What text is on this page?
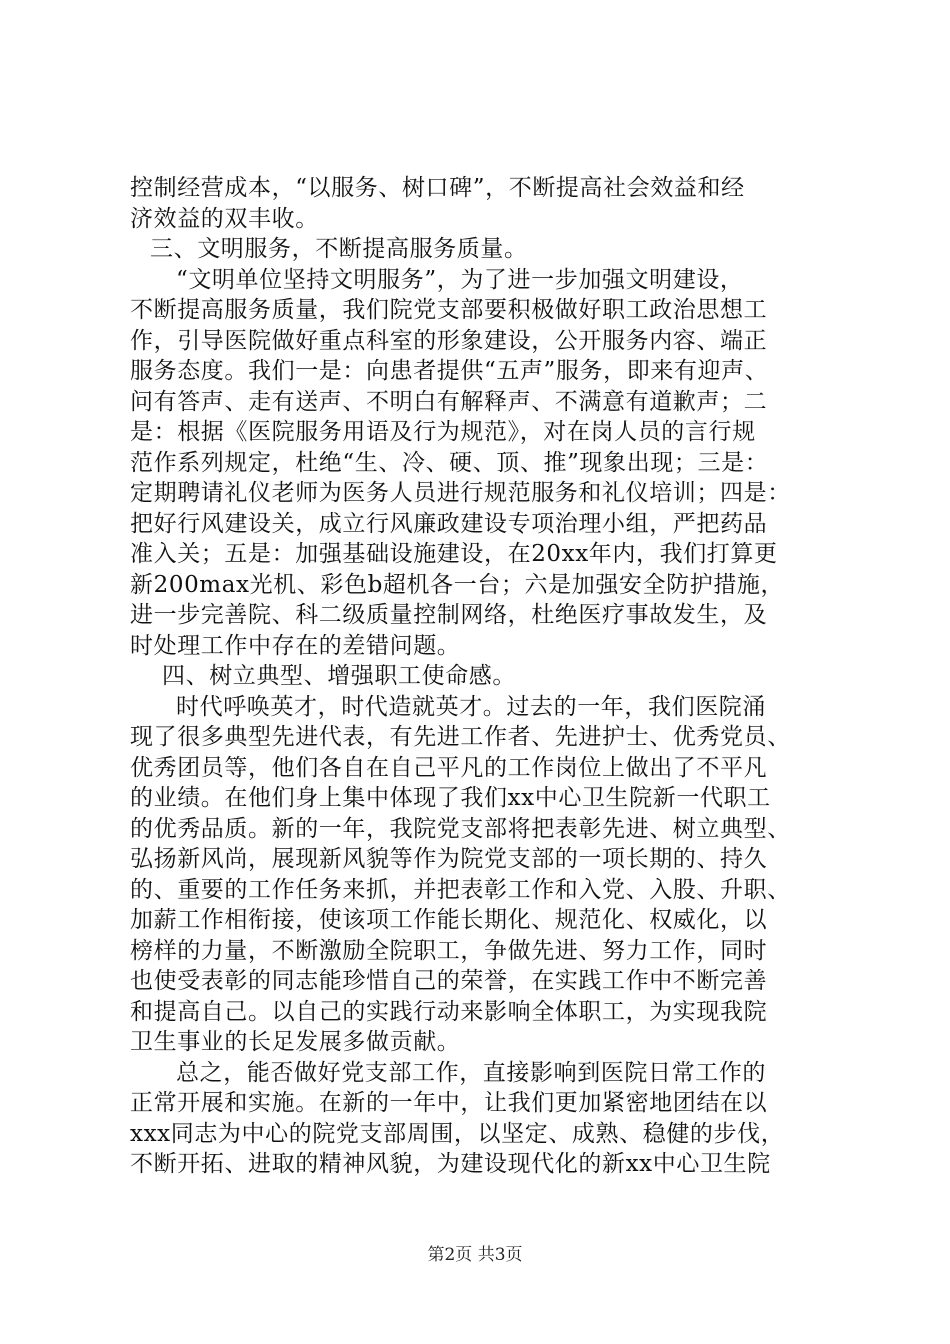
控制经营成本，“以服务、树口碑”，不断提高社会效益和经
济效益的双丰收。
三、文明服务，不断提高服务质量。
“文明单位坚持文明服务”，为了进一步加强文明建设，
不断提高服务质量，我们院党支部要积极做好职工政治思想工
作，引导医院做好重点科室的形象建设，公开服务内容、端正
服务态度。我们一是：向患者提供“五声”服务，即来有迎声、
问有答声、走有送声、不明白有解释声、不满意有道歉声；二
是：根据《医院服务用语及行为规范》，对在岗人员的言行规
范作系列规定，杜绝“生、冷、硬、顶、推”现象出现；三是：
定期聘请礼仪老师为医务人员进行规范服务和礼仪培训；四是：
把好行风建设关，成立行风廉政建设专项治理小组，严把药品
准入关；五是：加强基础设施建设，在20xx年内，我们打算更
新200max光机、彩色b超机各一台；六是加强安全防护措施，
进一步完善院、科二级质量控制网络，杜绝医疗事故发生，及
时处理工作中存在的差错问题。
四、树立典型、增强职工使命感。
时代呼唤英才，时代造就英才。过去的一年，我们医院涌
现了很多典型先进代表，有先进工作者、先进护士、优秀党员、
优秀团员等，他们各自在自己平凡的工作岗位上做出了不平凡
的业绩。在他们身上集中体现了我们xx中心卫生院新一代职工
的优秀品质。新的一年，我院党支部将把表彰先进、树立典型、
弘扬新风尚，展现新风貌等作为院党支部的一项长期的、持久
的、重要的工作任务来抓，并把表彰工作和入党、入股、升职、
加薪工作相衔接，使该项工作能长期化、规范化、权威化，以
榜样的力量，不断激励全院职工，争做先进、努力工作，同时
也使受表彰的同志能珍惜自己的荣誉，在实践工作中不断完善
和提高自己。以自己的实践行动来影响全体职工，为实现我院
卫生事业的长足发展多做贡献。
总之，能否做好党支部工作，直接影响到医院日常工作的
正常开展和实施。在新的一年中，让我们更加紧密地团结在以
xxx同志为中心的院党支部周围，以坚定、成熟、稳健的步伐，
不断开拓、进取的精神风貌，为建设现代化的新xx中心卫生院
第2页 共3页
